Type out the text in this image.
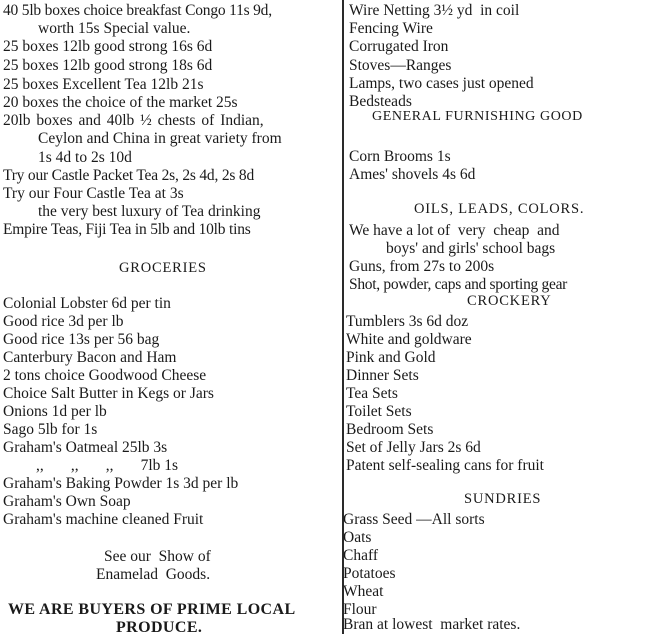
40 5lb boxes choice breakfast Congo 11s 9d,
worth 15s Special value.
25 boxes 12lb good strong 16s 6d
25 boxes 12lb good strong 18s 6d
25 boxes Excellent Tea 12lb 21s
20 boxes the choice of the market 25s
20lb boxes and 40lb ½ chests of Indian,
Ceylon and China in great variety from
1s 4d to 2s 10d
Try our Castle Packet Tea 2s, 2s 4d, 2s 8d
Try our Four Castle Tea at 3s
the very best luxury of Tea drinking
Empire Teas, Fiji Tea in 5lb and 10lb tins
GROCERIES
Colonial Lobster 6d per tin
Good rice 3d per lb
Good rice 13s per 56 bag
Canterbury Bacon and Ham
2 tons choice Goodwood Cheese
Choice Salt Butter in Kegs or Jars
Onions 1d per lb
Sago 5lb for 1s
Graham's Oatmeal 25lb 3s
,,       ,,       ,,       7lb 1s
Graham's Baking Powder 1s 3d per lb
Graham's Own Soap
Graham's machine cleaned Fruit
See our  Show of
Enamelad  Goods.
WE ARE BUYERS OF PRIME LOCAL
PRODUCE.
Wire Netting 3½ yd  in coil
Fencing Wire
Corrugated Iron
Stoves—Ranges
Lamps, two cases just opened
Bedsteads
GENERAL FURNISHING GOOD
Corn Brooms 1s
Ames' shovels 4s 6d
OILS, LEADS, COLORS.
We have a lot of  very  cheap  and
boys' and girls' school bags
Guns, from 27s to 200s
Shot, powder, caps and sporting gear
CROCKERY
Tumblers 3s 6d doz
White and goldware
Pink and Gold
Dinner Sets
Tea Sets
Toilet Sets
Bedroom Sets
Set of Jelly Jars 2s 6d
Patent self-sealing cans for fruit
SUNDRIES
Grass Seed —All sorts
Oats
Chaff
Potatoes
Wheat
Flour
Bran at lowest  market rates.
